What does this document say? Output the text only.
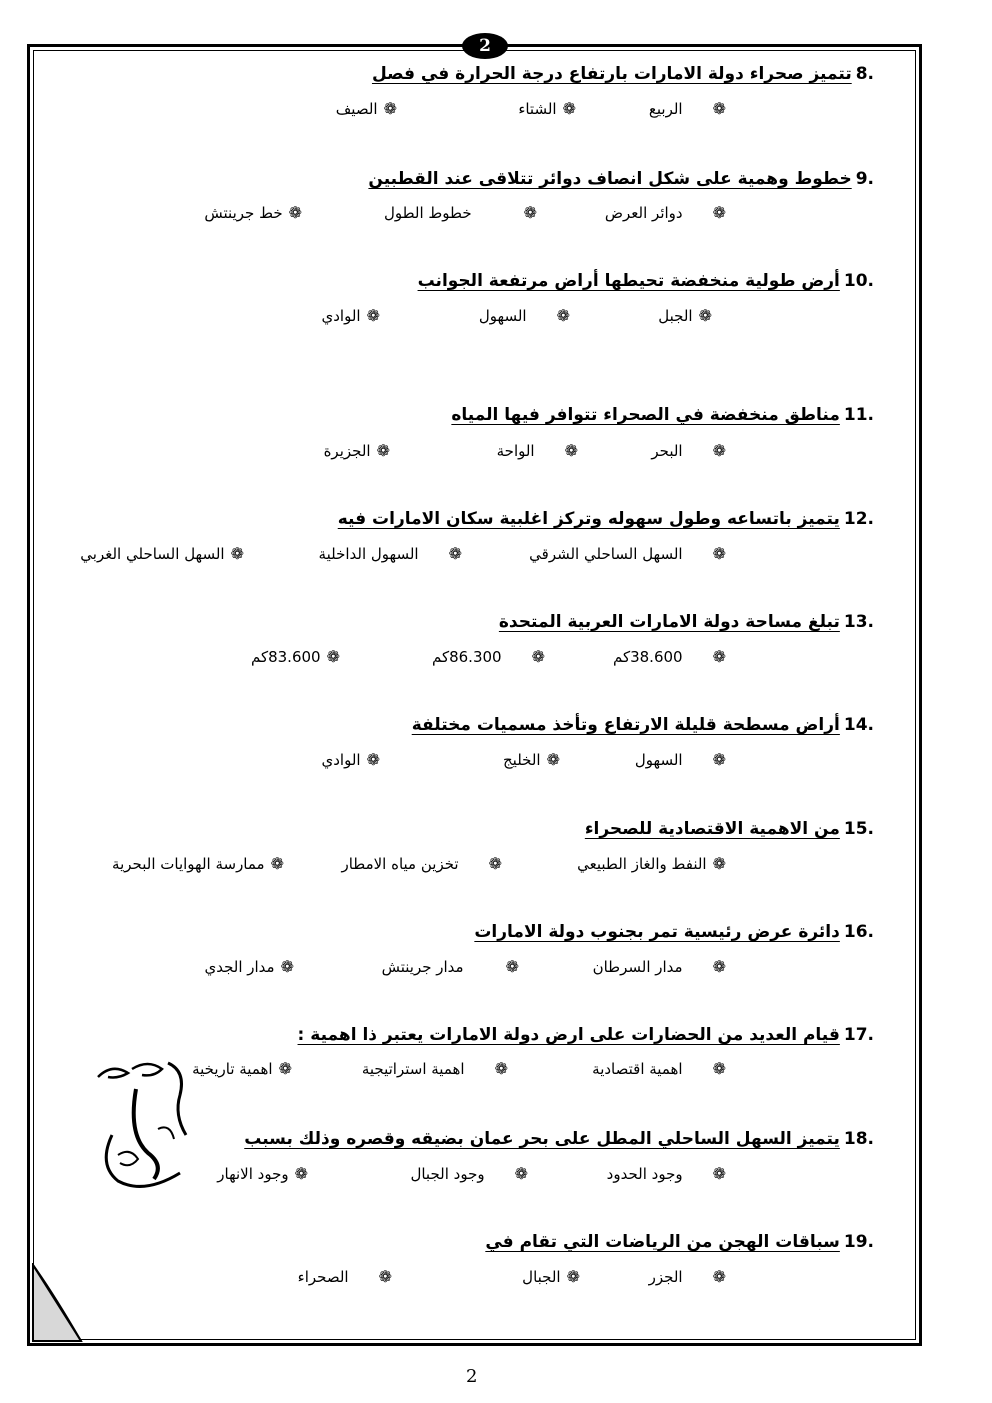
2
8.تتميز صحراء دولة الامارات بارتفاع درجة الحرارة في فصل
❁
الربيع
❁
الشتاء
❁
الصيف
9.خطوط وهمية على شكل انصاف دوائر تتلاقى عند القطبين
❁
دوائر العرض
❁
خطوط الطول
❁
خط جرينتش
10.أرض طولية منخفضة تحيطها أراض مرتفعة الجوانب
❁
الجبل
❁
السهول
❁
الوادي
11.مناطق منخفضة في الصحراء تتوافر فيها المياه
❁
البحر
❁
الواحة
❁
الجزيرة
12.يتميز باتساعه وطول سهوله وتركز اغلبية سكان الامارات فيه
❁
السهل الساحلي الشرقي
❁
السهول الداخلية
❁
السهل الساحلي الغربي
13.تبلغ مساحة دولة الامارات العربية المتحدة
❁
38.600كم
❁
86.300كم
❁
83.600كم
14.أراض مسطحة قليلة الارتفاع وتأخذ مسميات مختلفة
❁
السهول
❁
الخليج
❁
الوادي
15.من الاهمية الاقتصادية للصحراء
❁
النفط والغاز الطبيعي
❁
تخزين مياه الامطار
❁
ممارسة الهوايات البحرية
16.دائرة عرض رئيسية تمر بجنوب دولة الامارات
❁
مدار السرطان
❁
مدار جرينتش
❁
مدار الجدي
17.قيام العديد من الحضارات على ارض دولة الامارات يعتبر ذا اهمية :
❁
اهمية اقتصادية
❁
اهمية استراتيجية
❁
اهمية تاريخية
18.يتميز السهل الساحلي المطل على بحر عمان بضيقه وقصره وذلك بسبب
❁
وجود الحدود
❁
وجود الجبال
❁
وجود الانهار
19.سباقات الهجن من الرياضات التي تقام في
❁
الجزر
❁
الجبال
❁
الصحراء
2
